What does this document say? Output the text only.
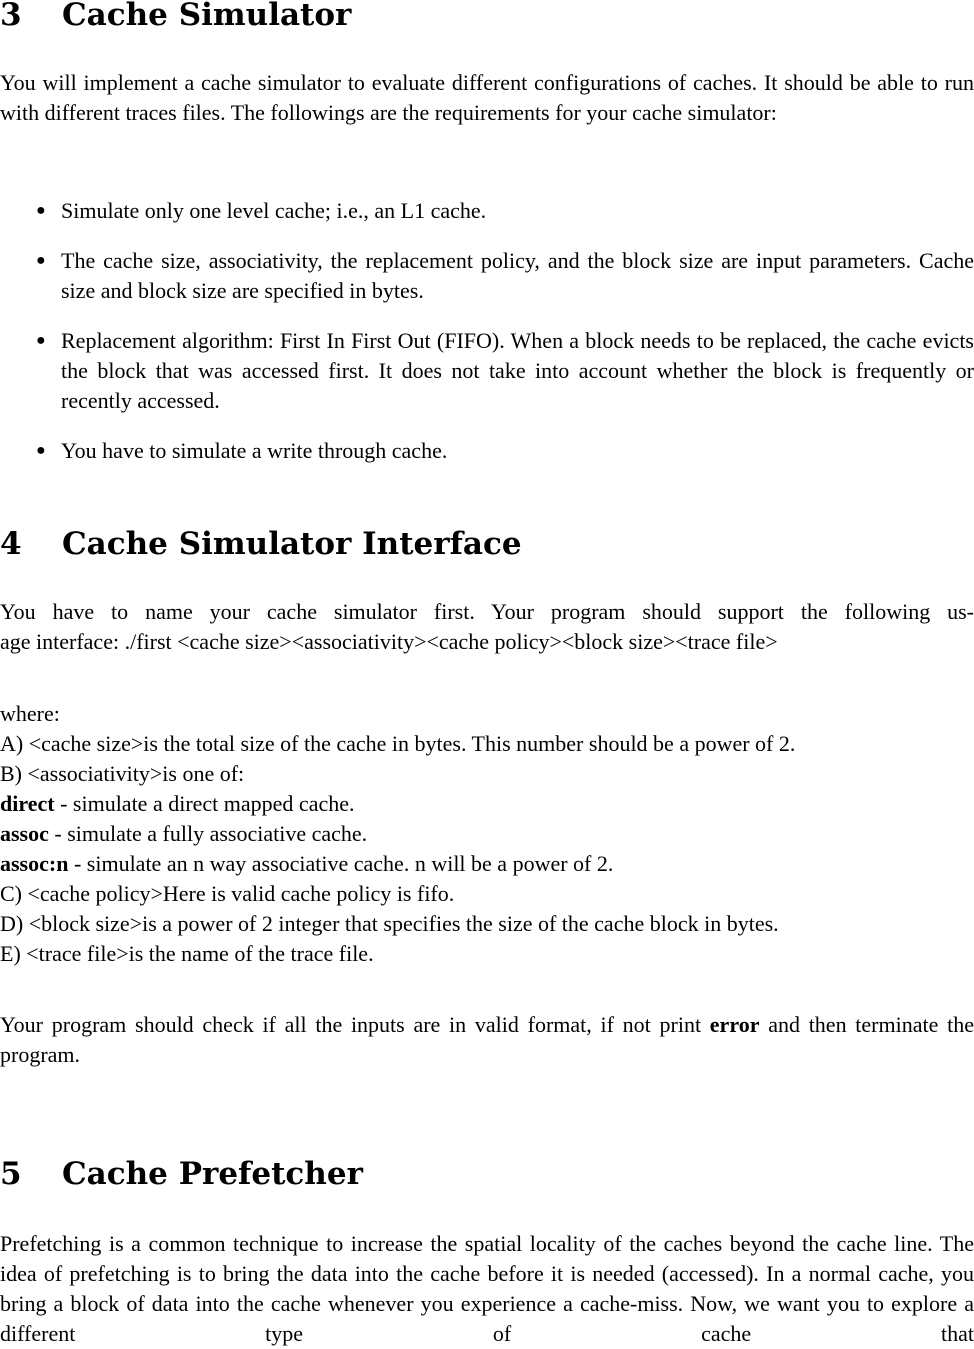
3 Cache Simulator

You will implement a cache simulator to evaluate different configurations of caches. It should be able to run with different traces files. The followings are the requirements for your cache simulator:

● Simulate only one level cache; i.e., an L1 cache.
● The cache size, associativity, the replacement policy, and the block size are input parameters. Cache size and block size are specified in bytes.
● Replacement algorithm: First In First Out (FIFO). When a block needs to be replaced, the cache evicts the block that was accessed first. It does not take into account whether the block is frequently or recently accessed.
● You have to simulate a write through cache.
4 Cache Simulator Interface

You have to name your cache simulator first. Your program should support the following us-

age interface: ./first <cache size><associativity><cache policy><block size><trace file>
where:
A) <cache size>is the total size of the cache in bytes. This number should be a power of 2.
B) <associativity>is one of:
direct - simulate a direct mapped cache.
assoc - simulate a fully associative cache.
assoc:n - simulate an n way associative cache. n will be a power of 2.
C) <cache policy>Here is valid cache policy is fifo.
D) <block size>is a power of 2 integer that specifies the size of the cache block in bytes.
E) <trace file>is the name of the trace file.

Your program should check if all the inputs are in valid format, if not print error and then terminate the program.

5 Cache Prefetcher

Prefetching is a common technique to increase the spatial locality of the caches beyond the cache line. The idea of prefetching is to bring the data into the cache before it is needed (accessed). In a normal cache, you bring a block of data into the cache whenever you experience a cache-miss. Now, we want you to explore a different type of cache that
